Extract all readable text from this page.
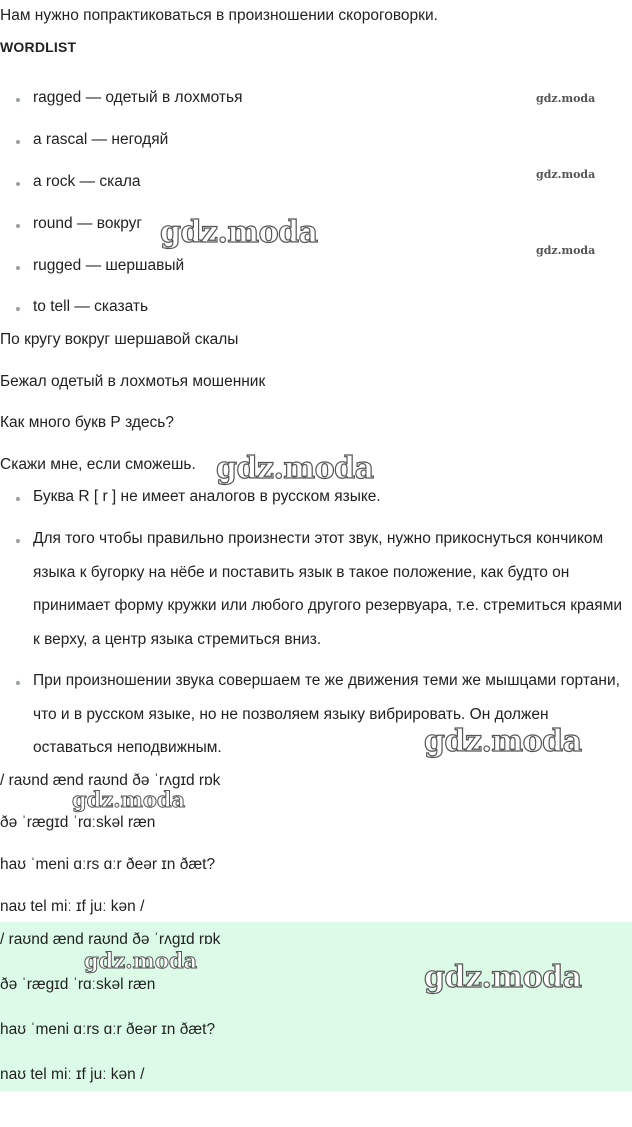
Нам нужно попрактиковаться в произношении скороговорки.
WORDLIST
ragged — одетый в лохмотья
a rascal — негодяй
a rock — скала
round — вокруг
rugged — шершавый
to tell — сказать
По кругу вокруг шершавой скалы
Бежал одетый в лохмотья мошенник
Как много букв Р здесь?
Скажи мне, если сможешь.
Буква R [ r ] не имеет аналогов в русском языке.
Для того чтобы правильно произнести этот звук, нужно прикоснуться кончиком языка к бугорку на нёбе и поставить язык в такое положение, как будто он принимает форму кружки или любого другого резервуара, т.е. стремиться краями к верху, а центр языка стремиться вниз.
При произношении звука совершаем те же движения теми же мышцами гортани, что и в русском языке, но не позволяем языку вибрировать. Он должен оставаться неподвижным.
/ raʊnd ænd raʊnd ðə ˈrʌɡɪd rɒk
ðə ˈræɡɪd ˈrɑːskəl ræn
haʊ ˈmeni ɑːrs ɑːr ðeər ɪn ðæt?
naʊ tel miː ɪf juː kən /
/ raʊnd ænd raʊnd ðə ˈrʌɡɪd rɒk
ðə ˈræɡɪd ˈrɑːskəl ræn
haʊ ˈmeni ɑːrs ɑːr ðeər ɪn ðæt?
naʊ tel miː ɪf juː kən /
gdz.moda
gdz.moda
gdz.moda
gdz.moda
gdz.moda
gdz.moda
gdz.moda
gdz.moda	gdz.moda
